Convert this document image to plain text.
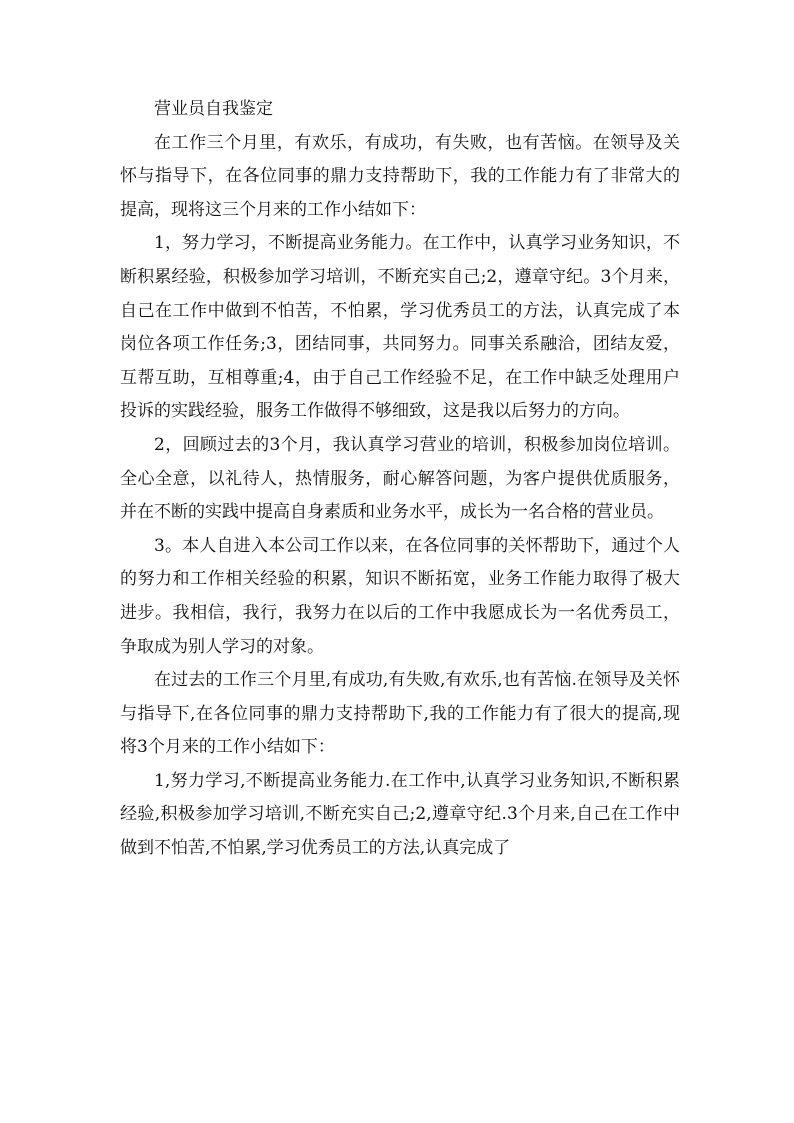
营业员自我鉴定

在工作三个月里，有欢乐，有成功，有失败，也有苦恼。在领导及关怀与指导下，在各位同事的鼎力支持帮助下，我的工作能力有了非常大的提高，现将这三个月来的工作小结如下：

1，努力学习，不断提高业务能力。在工作中，认真学习业务知识，不断积累经验，积极参加学习培训，不断充实自己;2，遵章守纪。3个月来，自己在工作中做到不怕苦，不怕累，学习优秀员工的方法，认真完成了本岗位各项工作任务;3，团结同事，共同努力。同事关系融洽，团结友爱，互帮互助，互相尊重;4，由于自己工作经验不足，在工作中缺乏处理用户投诉的实践经验，服务工作做得不够细致，这是我以后努力的方向。

2，回顾过去的3个月，我认真学习营业的培训，积极参加岗位培训。全心全意，以礼待人，热情服务，耐心解答问题，为客户提供优质服务，并在不断的实践中提高自身素质和业务水平，成长为一名合格的营业员。

3。本人自进入本公司工作以来，在各位同事的关怀帮助下，通过个人的努力和工作相关经验的积累，知识不断拓宽，业务工作能力取得了极大进步。我相信，我行，我努力在以后的工作中我愿成长为一名优秀员工，争取成为别人学习的对象。

在过去的工作三个月里,有成功,有失败,有欢乐,也有苦恼.在领导及关怀与指导下,在各位同事的鼎力支持帮助下,我的工作能力有了很大的提高,现将3个月来的工作小结如下：

1,努力学习,不断提高业务能力.在工作中,认真学习业务知识,不断积累经验,积极参加学习培训,不断充实自己;2,遵章守纪.3个月来,自己在工作中做到不怕苦,不怕累,学习优秀员工的方法,认真完成了
